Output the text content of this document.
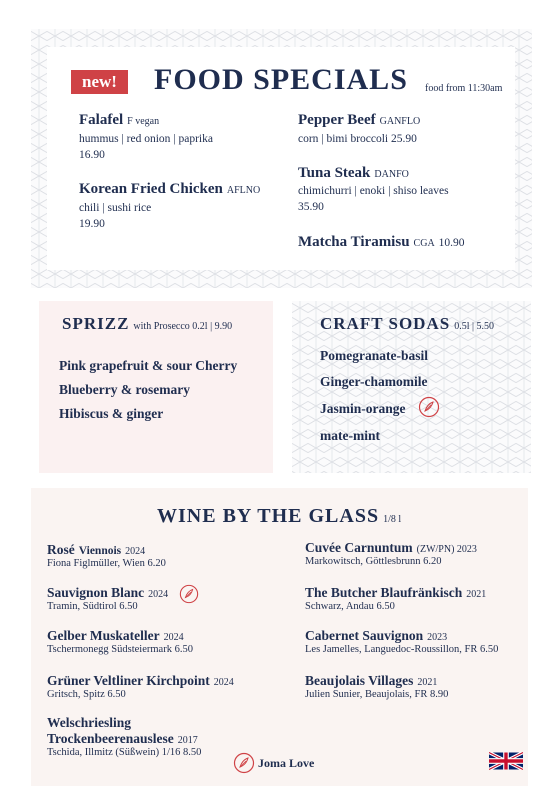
new!	FOOD SPECIALS food from 11:30am
Falafel F vegan
hummus | red onion | paprika
16.90
Korean Fried Chicken AFLNO
chili | sushi rice
19.90
Pepper Beef GANFLO
corn | bimi broccoli 25.90
Tuna Steak DANFO
chimichurri | enoki | shiso leaves
35.90
Matcha Tiramisu CGA 10.90
SPRIZZ with Prosecco 0.2l | 9.90
Pink grapefruit & sour Cherry
Blueberry & rosemary
Hibiscus & ginger
CRAFT SODAS 0.5l | 5.50
Pomegranate-basil
Ginger-chamomile
Jasmin-orange
mate-mint
WINE BY THE GLASS 1/8 l
Rosé Viennois 2024
Fiona Figlmüller, Wien 6.20
Sauvignon Blanc 2024
Tramin, Südtirol 6.50
Gelber Muskateller 2024
Tschermonegg Südsteiermark 6.50
Grüner Veltliner Kirchpoint 2024
Gritsch, Spitz 6.50
Welschriesling
Trockenbeerenauslese 2017
Tschida, Illmitz (Süßwein) 1/16 8.50
Cuvée Carnuntum (ZW/PN) 2023
Markowitsch, Göttlesbrunn 6.20
The Butcher Blaufränkisch 2021
Schwarz, Andau 6.50
Cabernet Sauvignon 2023
Les Jamelles, Languedoc-Roussillon, FR 6.50
Beaujolais Villages 2021
Julien Sunier, Beaujolais, FR 8.90
Joma Love
